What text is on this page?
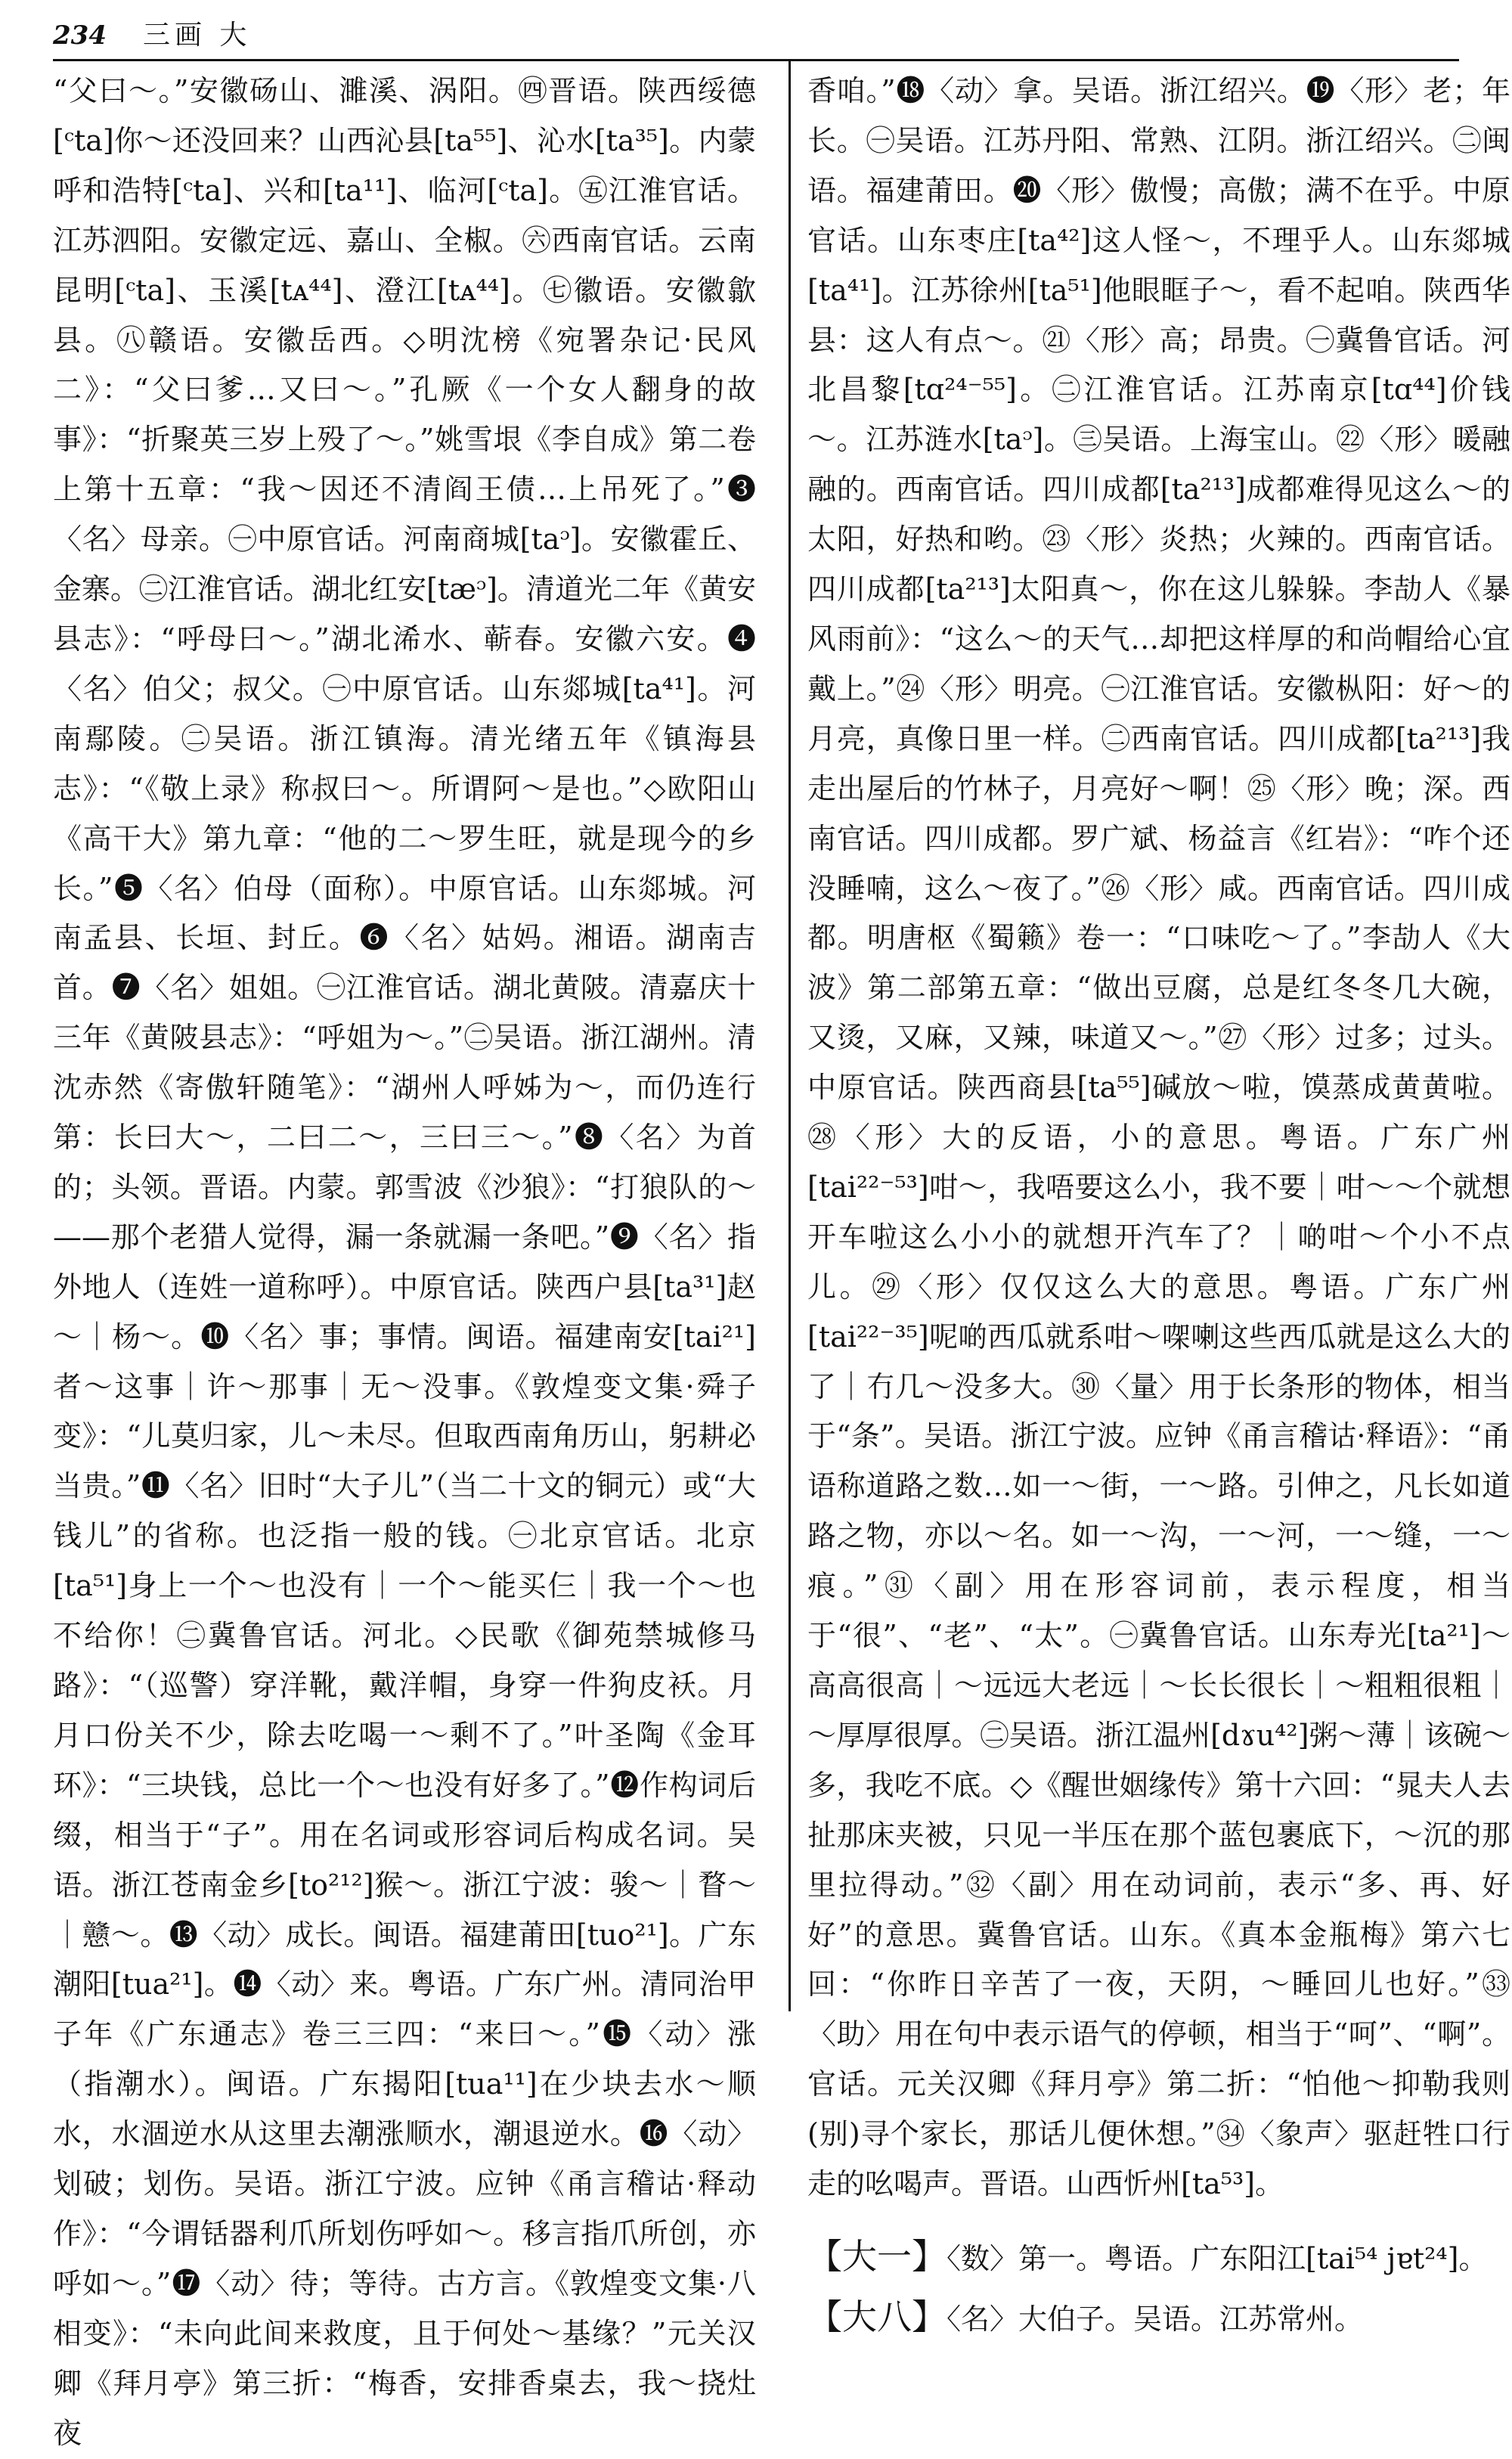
234 三画 大

“父曰～。”安徽砀山、濉溪、涡阳。㊃晋语。陕西绥德[ᶜta]你～还没回来？山西沁县[ta⁵⁵]、沁水[ta³⁵]。内蒙呼和浩特[ᶜta]、兴和[ta¹¹]、临河[ᶜta]。㊄江淮官话。江苏泗阳。安徽定远、嘉山、全椒。㊅西南官话。云南昆明[ᶜta]、玉溪[tᴀ⁴⁴]、澄江[tᴀ⁴⁴]。㊆徽语。安徽歙县。㊇赣语。安徽岳西。◇明沈榜《宛署杂记·民风二》：“父曰爹…又曰～。”孔厥《一个女人翻身的故事》：“折聚英三岁上殁了～。”姚雪垠《李自成》第二卷上第十五章：“我～因还不清阎王债…上吊死了。”❸〈名〉母亲。㊀中原官话。河南商城[taᵓ]。安徽霍丘、金寨。㊁江淮官话。湖北红安[tæᵓ]。清道光二年《黄安县志》：“呼母曰～。”湖北浠水、蕲春。安徽六安。❹〈名〉伯父；叔父。㊀中原官话。山东郯城[ta⁴¹]。河南鄢陵。㊁吴语。浙江镇海。清光绪五年《镇海县志》：“《敬上录》称叔曰～。所谓阿～是也。”◇欧阳山《高干大》第九章：“他的二～罗生旺，就是现今的乡长。”❺〈名〉伯母（面称）。中原官话。山东郯城。河南孟县、长垣、封丘。❻〈名〉姑妈。湘语。湖南吉首。❼〈名〉姐姐。㊀江淮官话。湖北黄陂。清嘉庆十三年《黄陂县志》：“呼姐为～。”㊁吴语。浙江湖州。清沈赤然《寄傲轩随笔》：“湖州人呼姊为～，而仍连行第：长曰大～，二曰二～，三曰三～。”❽〈名〉为首的；头领。晋语。内蒙。郭雪波《沙狼》：“打狼队的～——那个老猎人觉得，漏一条就漏一条吧。”❾〈名〉指外地人（连姓一道称呼）。中原官话。陕西户县[ta³¹]赵～｜杨～。❿〈名〉事；事情。闽语。福建南安[tai²¹]者～这事｜许～那事｜无～没事。《敦煌变文集·舜子变》：“儿莫归家，儿～未尽。但取西南角历山，躬耕必当贵。”⓫〈名〉旧时“大子儿”（当二十文的铜元）或“大钱儿”的省称。也泛指一般的钱。㊀北京官话。北京[ta⁵¹]身上一个～也没有｜一个～能买仨｜我一个～也不给你！㊁冀鲁官话。河北。◇民歌《御苑禁城修马路》：“（巡警）穿洋靴，戴洋帽，身穿一件狗皮袄。月月口份关不少，除去吃喝一～剩不了。”叶圣陶《金耳环》：“三块钱，总比一个～也没有好多了。”⓬作构词后缀，相当于“子”。用在名词或形容词后构成名词。吴语。浙江苍南金乡[to²¹²]猴～。浙江宁波：骏～｜瞀～｜戆～。⓭〈动〉成长。闽语。福建莆田[tuo²¹]。广东潮阳[tua²¹]。⓮〈动〉来。粤语。广东广州。清同治甲子年《广东通志》卷三三四：“来曰～。”⓯〈动〉涨（指潮水）。闽语。广东揭阳[tua¹¹]在少块去水～顺水，水涸逆水从这里去潮涨顺水，潮退逆水。⓰〈动〉划破；划伤。吴语。浙江宁波。应钟《甬言稽诂·释动作》：“今谓铦器利爪所划伤呼如～。移言指爪所创，亦呼如～。”⓱〈动〉待；等待。古方言。《敦煌变文集·八相变》：“未向此间来救度，且于何处～基缘？”元关汉卿《拜月亭》第三折：“梅香，安排香桌去，我～挠灶夜

香咱。”⓲〈动〉拿。吴语。浙江绍兴。⓳〈形〉老；年长。㊀吴语。江苏丹阳、常熟、江阴。浙江绍兴。㊁闽语。福建莆田。⓴〈形〉傲慢；高傲；满不在乎。中原官话。山东枣庄[ta⁴²]这人怪～，不理乎人。山东郯城[ta⁴¹]。江苏徐州[ta⁵¹]他眼眶子～，看不起咱。陕西华县：这人有点～。㉑〈形〉高；昂贵。㊀冀鲁官话。河北昌黎[tɑ²⁴⁻⁵⁵]。㊁江淮官话。江苏南京[tɑ⁴⁴]价钱～。江苏涟水[taᵓ]。㊂吴语。上海宝山。㉒〈形〉暖融融的。西南官话。四川成都[ta²¹³]成都难得见这么～的太阳，好热和哟。㉓〈形〉炎热；火辣的。西南官话。四川成都[ta²¹³]太阳真～，你在这儿躲躲。李劼人《暴风雨前》：“这么～的天气…却把这样厚的和尚帽给心宜戴上。”㉔〈形〉明亮。㊀江淮官话。安徽枞阳：好～的月亮，真像日里一样。㊁西南官话。四川成都[ta²¹³]我走出屋后的竹林子，月亮好～啊！㉕〈形〉晚；深。西南官话。四川成都。罗广斌、杨益言《红岩》：“咋个还没睡喃，这么～夜了。”㉖〈形〉咸。西南官话。四川成都。明唐枢《蜀籁》卷一：“口味吃～了。”李劼人《大波》第二部第五章：“做出豆腐，总是红冬冬几大碗，又烫，又麻，又辣，味道又～。”㉗〈形〉过多；过头。中原官话。陕西商县[ta⁵⁵]碱放～啦，馍蒸成黄黄啦。㉘〈形〉大的反语，小的意思。粤语。广东广州[tai²²⁻⁵³]咁～，我唔要这么小，我不要｜咁～～个就想开车啦这么小小的就想开汽车了？｜啲咁～个小不点儿。㉙〈形〉仅仅这么大的意思。粤语。广东广州[tai²²⁻³⁵]呢啲西瓜就系咁～㗎喇这些西瓜就是这么大的了｜冇几～没多大。㉚〈量〉用于长条形的物体，相当于“条”。吴语。浙江宁波。应钟《甬言稽诂·释语》：“甬语称道路之数…如一～街，一～路。引伸之，凡长如道路之物，亦以～名。如一～沟，一～河，一～缝，一～痕。”㉛〈副〉用在形容词前，表示程度，相当于“很”、“老”、“太”。㊀冀鲁官话。山东寿光[ta²¹]～高高很高｜～远远大老远｜～长长很长｜～粗粗很粗｜～厚厚很厚。㊁吴语。浙江温州[dɤu⁴²]粥～薄｜该碗～多，我吃不底。◇《醒世姻缘传》第十六回：“晁夫人去扯那床夹被，只见一半压在那个蓝包裹底下，～沉的那里拉得动。”㉜〈副〉用在动词前，表示“多、再、好好”的意思。冀鲁官话。山东。《真本金瓶梅》第六七回：“你昨日辛苦了一夜，天阴，～睡回儿也好。”㉝〈助〉用在句中表示语气的停顿，相当于“呵”、“啊”。官话。元关汉卿《拜月亭》第二折：“怕他～抑勒我则(别)寻个家长，那话儿便休想。”㉞〈象声〉驱赶牲口行走的吆喝声。晋语。山西忻州[ta⁵³]。

【大一】〈数〉第一。粤语。广东阳江[tai⁵⁴ jɐt²⁴]。
【大八】〈名〉大伯子。吴语。江苏常州。
